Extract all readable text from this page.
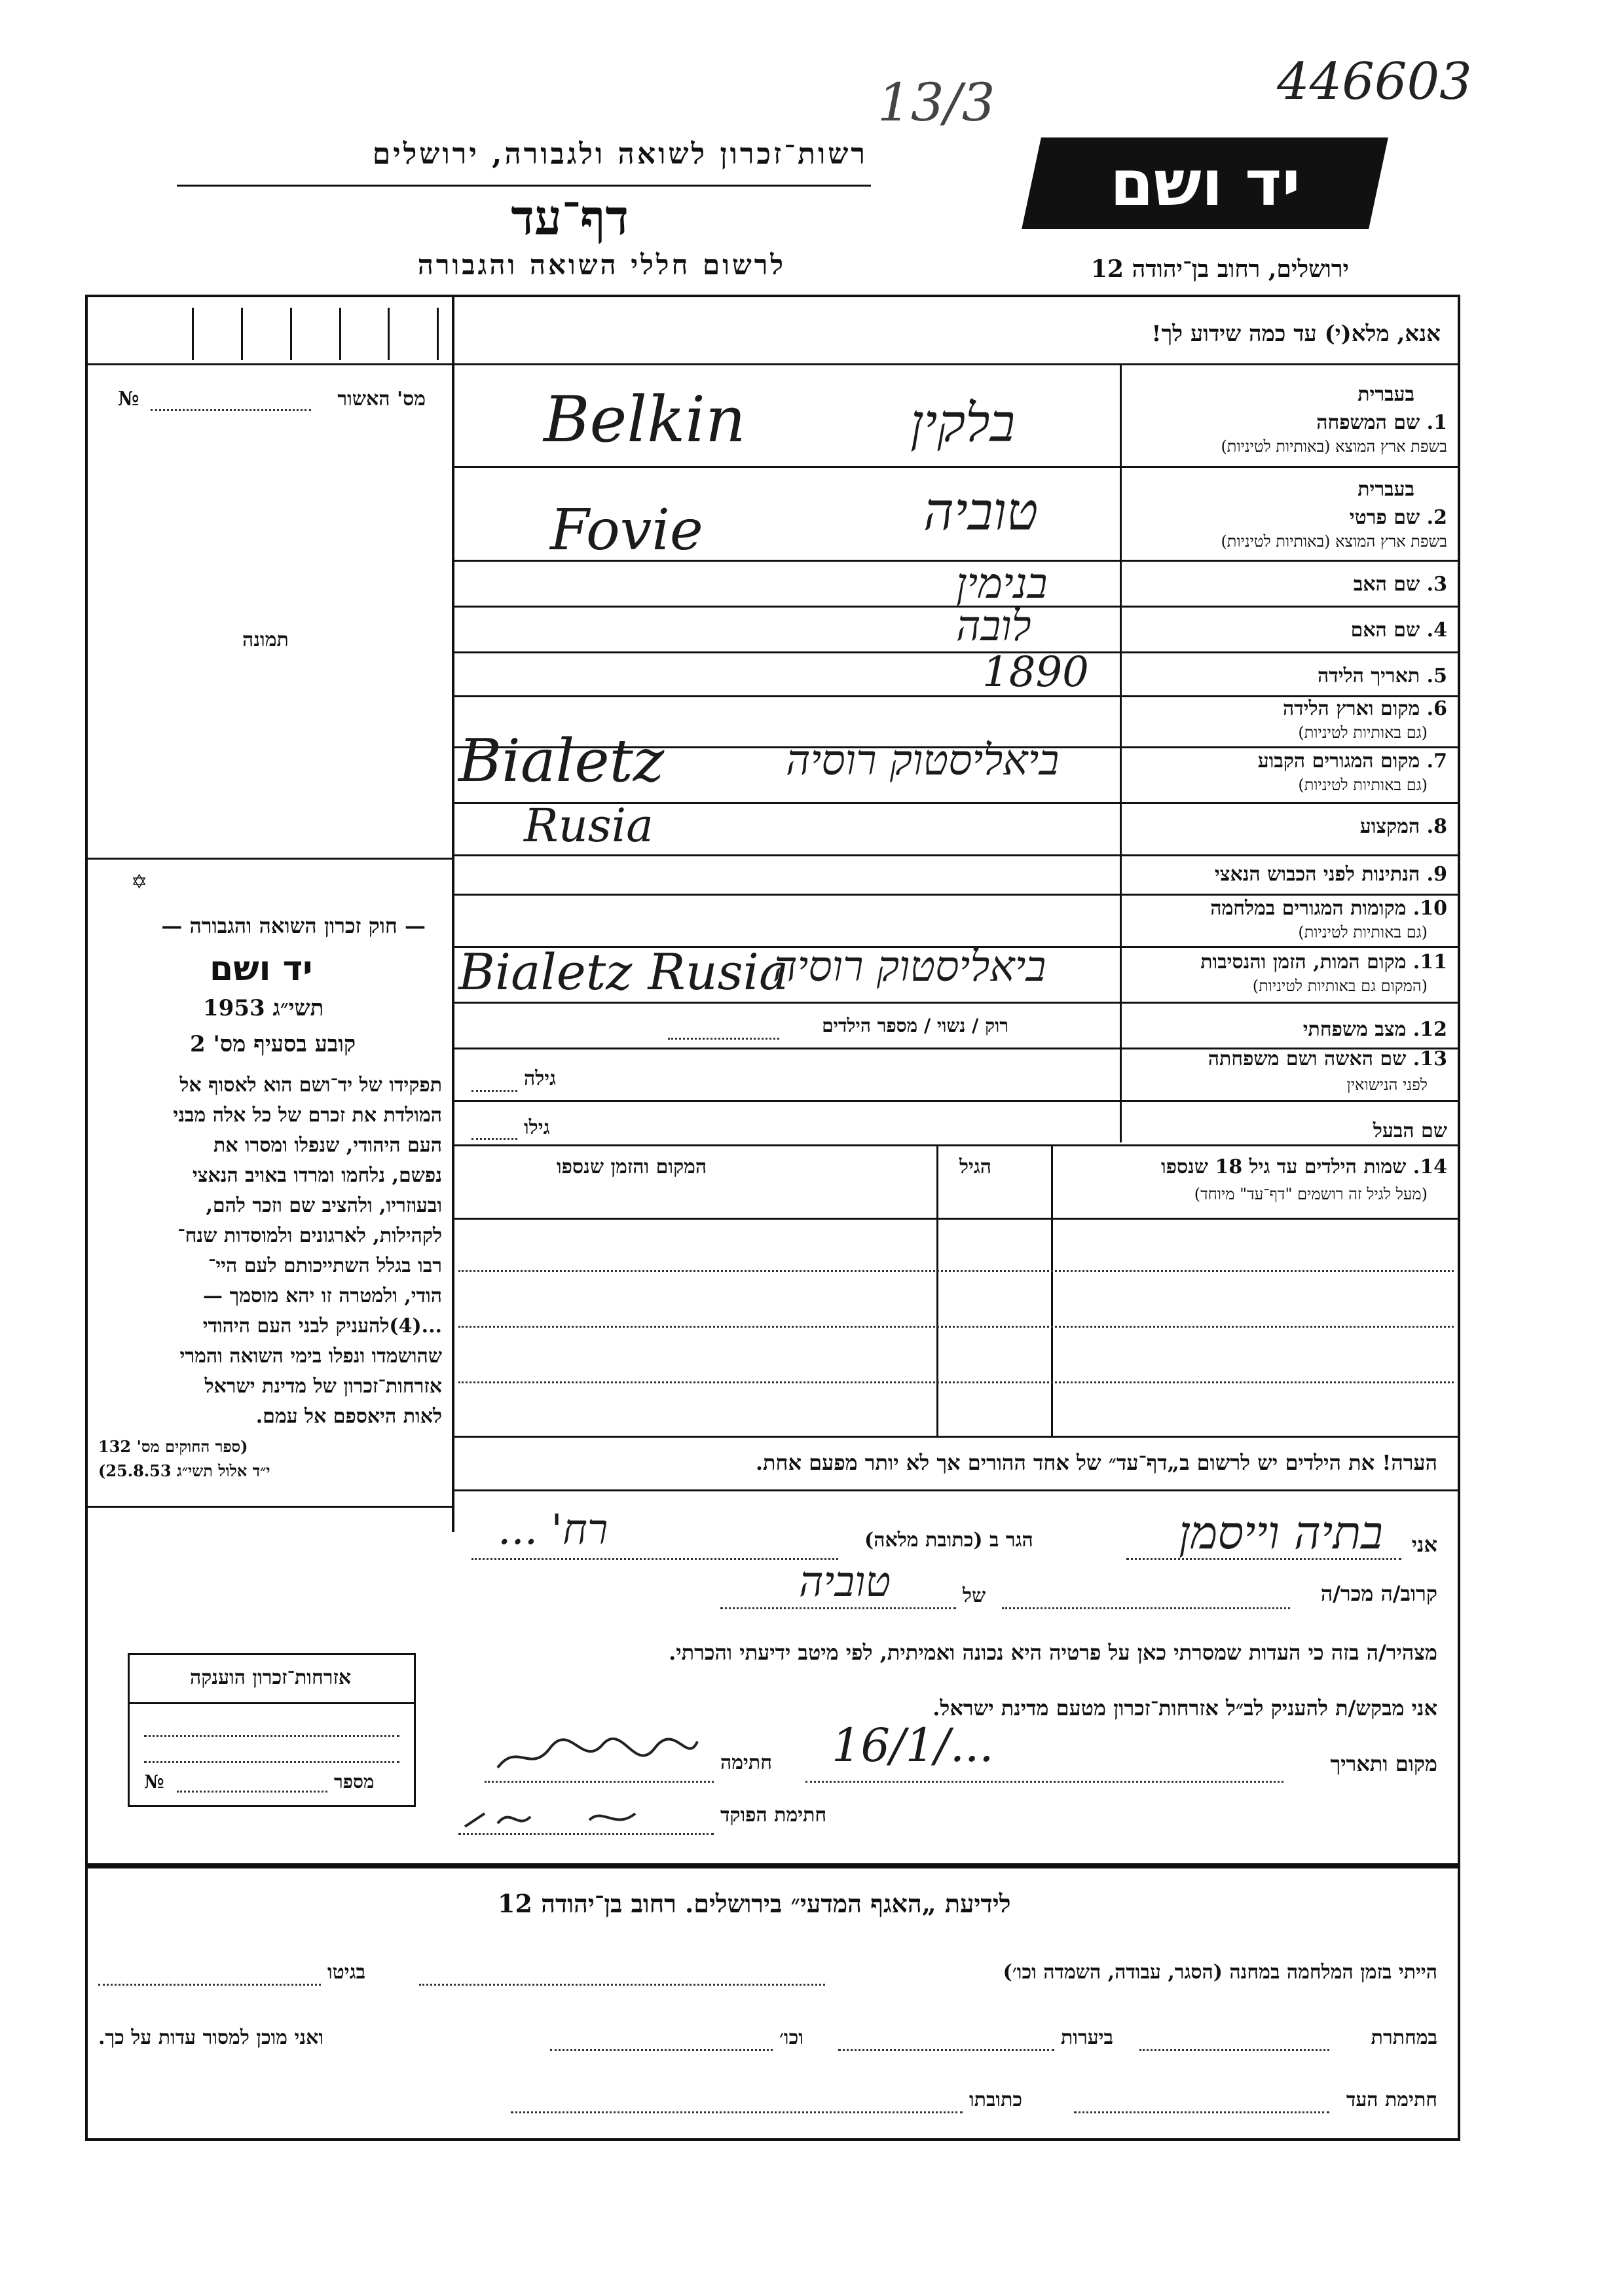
446603
13/3
רשות־זכרון לשואה ולגבורה, ירושלים
דף־עד
לרשום חללי השואה והגבורה
יד ושם
ירושלים, רחוב בן־יהודה 12
אנא, מלא(י) עד כמה שידוע לך!
מס' האשור
№
תמונה
✡
— חוק זכרון השואה והגבורה —
יד ושם
תשי״ג 1953
קובע בסעיף מס' 2
תפקידו של יד־ושם הוא לאסוף אל
המולדת את זכרם של כל אלה מבני
העם היהודי, שנפלו ומסרו את
נפשם, נלחמו ומרדו באויב הנאצי
ובעוזריו, ולהציב שם וזכר להם,
לקהילות, לארגונים ולמוסדות שנח־
רבו בגלל השתייכותם לעם היי־
הודי, ולמטרה זו יהא מוסמך —
...(4)להעניק לבני העם היהודי
שהושמדו ונפלו בימי השואה והמרי
אזרחות־זכרון של מדינת ישראל
לאות היאספם אל עמם.
(ספר החוקים מס' 132
י״ד אלול תשי״ג 25.8.53)
בעברית
1. שם המשפחה
בשפת ארץ המוצא (באותיות לטיניות)
בלקין
Belkin
בעברית
2. שם פרטי
בשפת ארץ המוצא (באותיות לטיניות)
טוביה
Fovie
3. שם האב
בנימין
4. שם האם
לובה
5. תאריך הלידה
1890
6. מקום וארץ הלידה
(גם באותיות לטיניות)
7. מקום המגורים הקבוע
(גם באותיות לטיניות)
ביאליסטוק רוסיה
Bialetz
Rusia	8. המקצוע
9. הנתינות לפני הכבוש הנאצי
10. מקומות המגורים במלחמה
(גם באותיות לטיניות)
11. מקום המות, הזמן והנסיבות
(המקום גם באותיות לטיניות)
ביאליסטוק רוסיה
Bialetz Rusia
12. מצב משפחתי
רוק / נשוי / מספר הילדים
13. שם האשה ושם משפחתה
לפני הנישואין
גילה
שם הבעל
גילו
14. שמות הילדים עד גיל 18 שנספו
(מעל לגיל זה רושמים "דף־עד" מיוחד)
הגיל
המקום והזמן שנספו
הערה! את הילדים יש לרשום ב„דף־עד״ של אחד ההורים אך לא יותר מפעם אחת.
אני
בתיה וייסמן
הגר ב (כתובת מלאה)
רח' ...
קרוב/ה מכר/ה
של
טוביה
מצהיר/ה בזה כי העדות שמסרתי כאן על פרטיה היא נכונה ואמיתית, לפי מיטב ידיעתי והכרתי.
אני מבקש/ת להעניק לב״ל אזרחות־זכרון מטעם מדינת ישראל.
מקום ותאריך
16/1/...
חתימה
חתימת הפוקד
אזרחות־זכרון הוענקה
מספר
№
לידיעת „האגף המדעי״ בירושלים. רחוב בן־יהודה 12
הייתי בזמן המלחמה במחנה (הסגר, עבודה, השמדה וכו׳)
בגיטו
במחתרת
ביערות
וכו׳
ואני מוכן למסור עדות על כך.
חתימת העד
כתובתו
